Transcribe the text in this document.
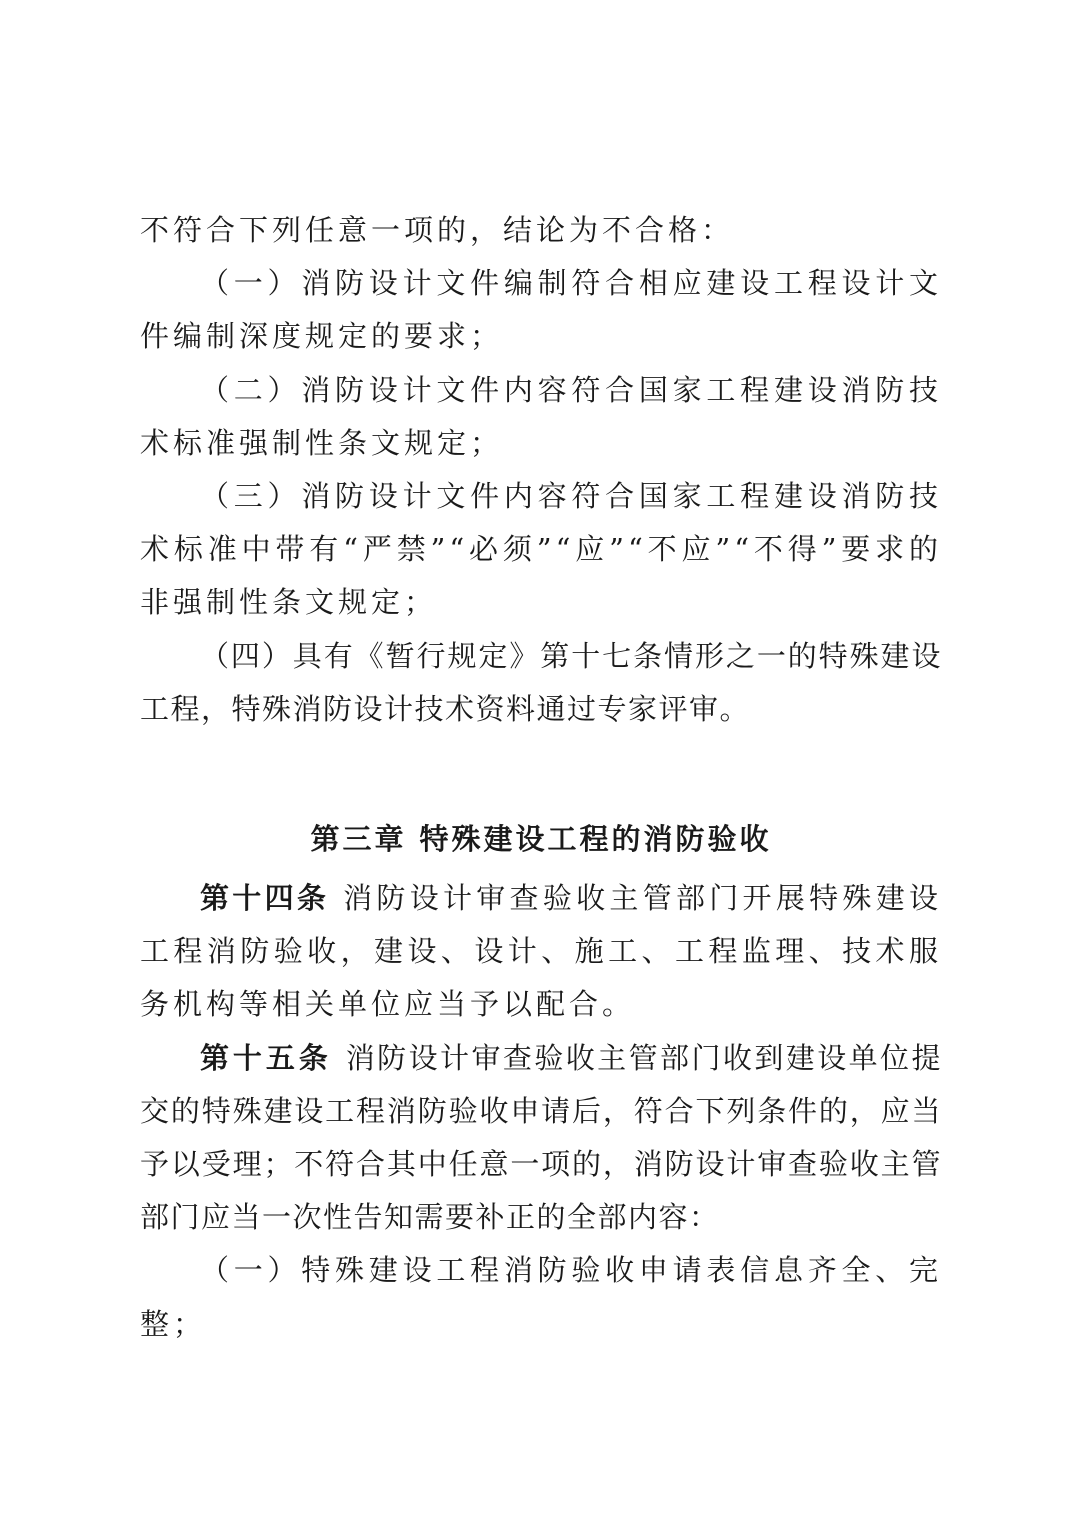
不符合下列任意一项的，结论为不合格：

（一）消防设计文件编制符合相应建设工程设计文件编制深度规定的要求；

（二）消防设计文件内容符合国家工程建设消防技术标准强制性条文规定；

（三）消防设计文件内容符合国家工程建设消防技术标准中带有“严禁”“必须”“应”“不应”“不得”要求的非强制性条文规定；

（四）具有《暂行规定》第十七条情形之一的特殊建设工程，特殊消防设计技术资料通过专家评审。

第三章 特殊建设工程的消防验收

第十四条 消防设计审查验收主管部门开展特殊建设工程消防验收，建设、设计、施工、工程监理、技术服务机构等相关单位应当予以配合。

第十五条 消防设计审查验收主管部门收到建设单位提交的特殊建设工程消防验收申请后，符合下列条件的，应当予以受理；不符合其中任意一项的，消防设计审查验收主管部门应当一次性告知需要补正的全部内容：

（一）特殊建设工程消防验收申请表信息齐全、完整；
